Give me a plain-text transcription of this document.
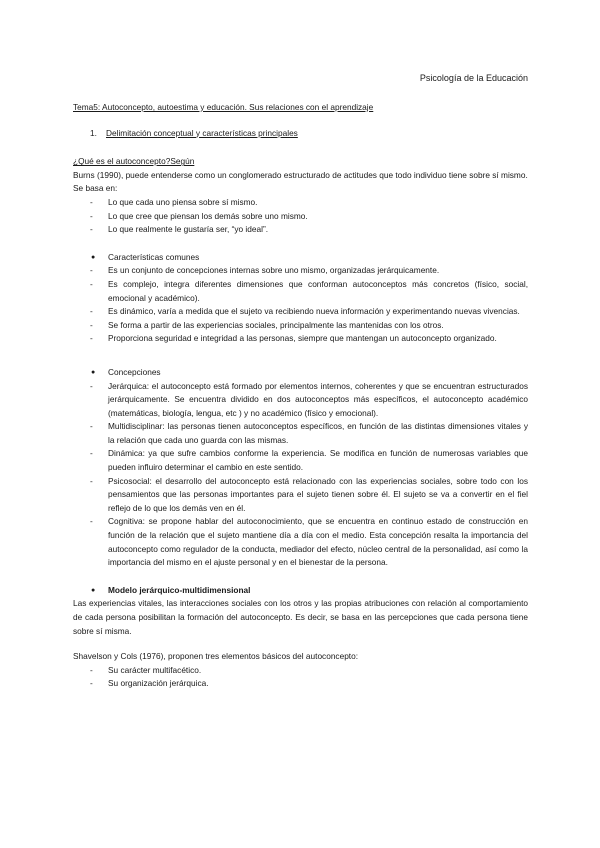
Psicología de la Educación
Tema5: Autoconcepto, autoestima y educación. Sus relaciones con el aprendizaje
1. Delimitación conceptual y características principales
¿Qué es el autoconcepto?Según
Burns (1990), puede entenderse como un conglomerado estructurado de actitudes que todo individuo tiene sobre sí mismo.
Se basa en:
- Lo que cada uno piensa sobre sí mismo.
- Lo que cree que piensan los demás sobre uno mismo.
- Lo que realmente le gustaría ser, “yo ideal”.
● Características comunes
- Es un conjunto de concepciones internas sobre uno mismo, organizadas jerárquicamente.
- Es complejo, integra diferentes dimensiones que conforman autoconceptos más concretos (físico, social, emocional y académico).
- Es dinámico, varía a medida que el sujeto va recibiendo nueva información y experimentando nuevas vivencias.
- Se forma a partir de las experiencias sociales, principalmente las mantenidas con los otros.
- Proporciona seguridad e integridad a las personas, siempre que mantengan un autoconcepto organizado.
● Concepciones
- Jerárquica: el autoconcepto está formado por elementos internos, coherentes y que se encuentran estructurados jerárquicamente. Se encuentra dividido en dos autoconceptos más específicos, el autoconcepto académico (matemáticas, biología, lengua, etc ) y no académico (físico y emocional).
- Multidisciplinar: las personas tienen autoconceptos específicos, en función de las distintas dimensiones vitales y la relación que cada uno guarda con las mismas.
- Dinámica: ya que sufre cambios conforme la experiencia. Se modifica en función de numerosas variables que pueden influiro determinar el cambio en este sentido.
- Psicosocial: el desarrollo del autoconcepto está relacionado con las experiencias sociales, sobre todo con los pensamientos que las personas importantes para el sujeto tienen sobre él. El sujeto se va a convertir en el fiel reflejo de lo que los demás ven en él.
- Cognitiva: se propone hablar del autoconocimiento, que se encuentra en continuo estado de construcción en función de la relación que el sujeto mantiene día a día con el medio. Esta concepción resalta la importancia del autoconcepto como regulador de la conducta, mediador del efecto, núcleo central de la personalidad, así como la importancia del mismo en el ajuste personal y en el bienestar de la persona.
● Modelo jerárquico-multidimensional
Las experiencias vitales, las interacciones sociales con los otros y las propias atribuciones con relación al comportamiento de cada persona posibilitan la formación del autoconcepto. Es decir, se basa en las percepciones que cada persona tiene sobre sí misma.
Shavelson y Cols (1976), proponen tres elementos básicos del autoconcepto:
- Su carácter multifacético.
- Su organización jerárquica.
